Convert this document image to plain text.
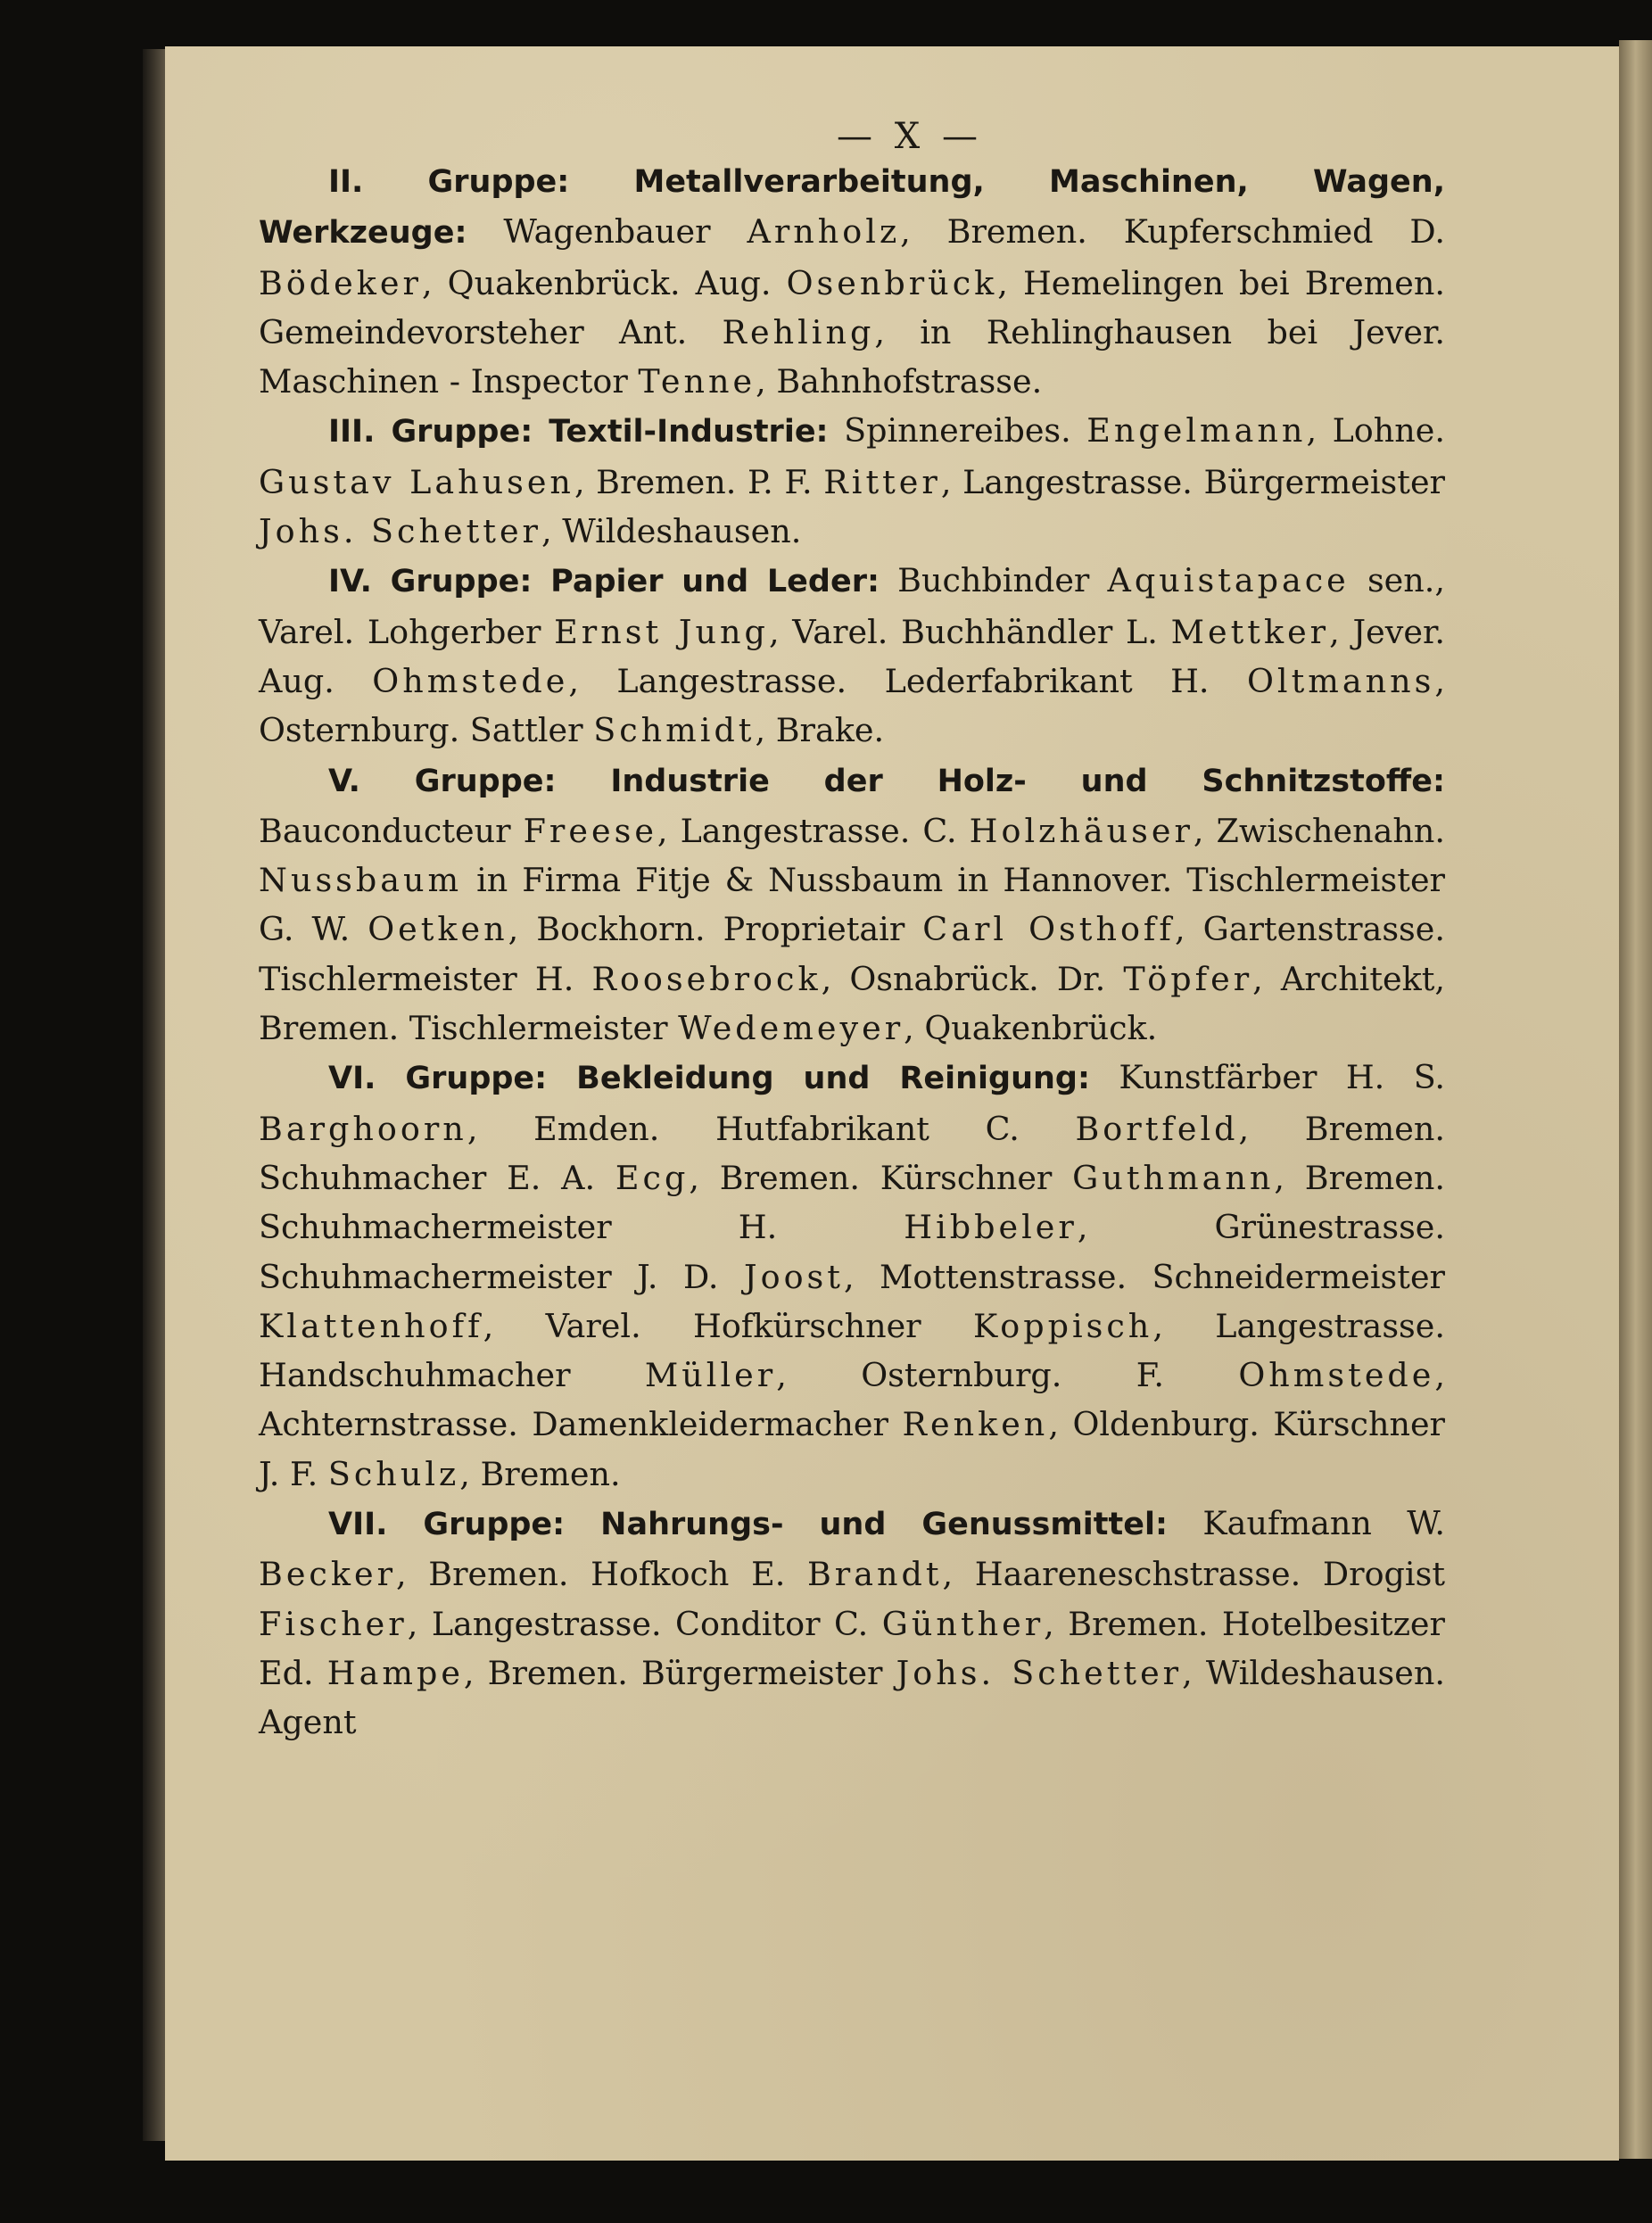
— X —

II. Gruppe: Metallverarbeitung, Maschinen, Wagen, Werkzeuge: Wagenbauer Arnholz, Bremen. Kupferschmied D. Bödeker, Quakenbrück. Aug. Osenbrück, Hemelingen bei Bremen. Gemeindevorsteher Ant. Rehling, in Rehlinghausen bei Jever. Maschinen - Inspector Tenne, Bahnhofstrasse.

III. Gruppe: Textil-Industrie: Spinnereibes. Engelmann, Lohne. Gustav Lahusen, Bremen. P. F. Ritter, Langestrasse. Bürgermeister Johs. Schetter, Wildeshausen.

IV. Gruppe: Papier und Leder: Buchbinder Aquistapace sen., Varel. Lohgerber Ernst Jung, Varel. Buchhändler L. Mettker, Jever. Aug. Ohmstede, Langestrasse. Lederfabrikant H. Oltmanns, Osternburg. Sattler Schmidt, Brake.

V. Gruppe: Industrie der Holz- und Schnitzstoffe: Bauconducteur Freese, Langestrasse. C. Holzhäuser, Zwischenahn. Nussbaum in Firma Fitje & Nussbaum in Hannover. Tischlermeister G. W. Oetken, Bockhorn. Proprietair Carl Osthoff, Gartenstrasse. Tischlermeister H. Roosebrock, Osnabrück. Dr. Töpfer, Architekt, Bremen. Tischlermeister Wedemeyer, Quakenbrück.

VI. Gruppe: Bekleidung und Reinigung: Kunstfärber H. S. Barghoorn, Emden. Hutfabrikant C. Bortfeld, Bremen. Schuhmacher E. A. Ecg, Bremen. Kürschner Guthmann, Bremen. Schuhmachermeister H. Hibbeler, Grünestrasse. Schuhmachermeister J. D. Joost, Mottenstrasse. Schneidermeister Klattenhoff, Varel. Hofkürschner Koppisch, Langestrasse. Handschuhmacher Müller, Osternburg. F. Ohmstede, Achternstrasse. Damenkleidermacher Renken, Oldenburg. Kürschner J. F. Schulz, Bremen.

VII. Gruppe: Nahrungs- und Genussmittel: Kaufmann W. Becker, Bremen. Hofkoch E. Brandt, Haareneschstrasse. Drogist Fischer, Langestrasse. Conditor C. Günther, Bremen. Hotelbesitzer Ed. Hampe, Bremen. Bürgermeister Johs. Schetter, Wildeshausen. Agent
